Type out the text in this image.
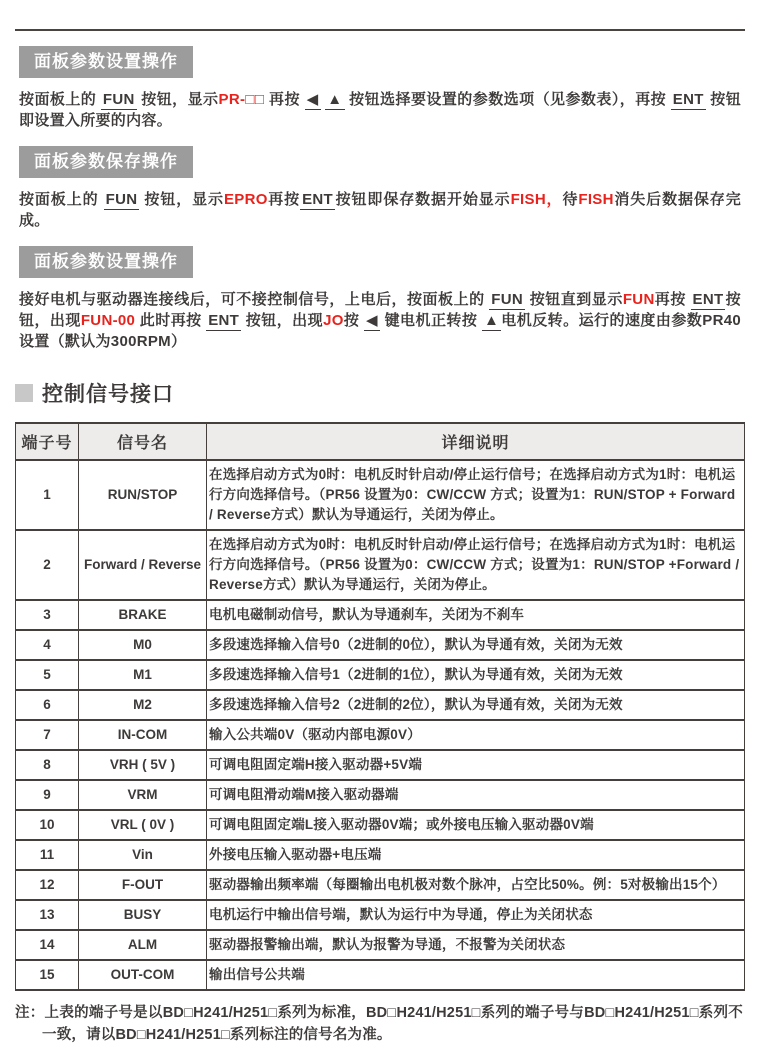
面板参数设置操作

按面板上的 FUN 按钮，显示PR-□□ 再按 ◀ ▲ 按钮选择要设置的参数选项（见参数表），再按 ENT 按钮即设置入所要的内容。

面板参数保存操作

按面板上的 FUN 按钮，显示EPRO再按 ENT 按钮即保存数据开始显示FISH，待FISH消失后数据保存完成。

面板参数设置操作

接好电机与驱动器连接线后，可不接控制信号，上电后，按面板上的 FUN 按钮直到显示FUN再按 ENT 按钮，出现FUN-00 此时再按 ENT 按钮，出现JO按 ◀ 键电机正转按 ▲ 电机反转。运行的速度由参数PR40设置（默认为300RPM）

控制信号接口
端子号	信号名	详细说明
1	RUN/STOP	在选择启动方式为0时：电机反时针启动/停止运行信号；在选择启动方式为1时：电机运行方向选择信号。（PR56 设置为0：CW/CCW 方式；设置为1：RUN/STOP + Forward / Reverse方式）默认为导通运行，关闭为停止。
2	Forward / Reverse	在选择启动方式为0时：电机反时针启动/停止运行信号；在选择启动方式为1时：电机运行方向选择信号。（PR56 设置为0：CW/CCW 方式；设置为1：RUN/STOP +Forward / Reverse方式）默认为导通运行，关闭为停止。
3	BRAKE	电机电磁制动信号，默认为导通刹车，关闭为不刹车
4	M0	多段速选择输入信号0（2进制的0位），默认为导通有效，关闭为无效
5	M1	多段速选择输入信号1（2进制的1位），默认为导通有效，关闭为无效
6	M2	多段速选择输入信号2（2进制的2位），默认为导通有效，关闭为无效
7	IN-COM	输入公共端0V（驱动内部电源0V）
8	VRH ( 5V )	可调电阻固定端H接入驱动器+5V端
9	VRM	可调电阻滑动端M接入驱动器端
10	VRL ( 0V )	可调电阻固定端L接入驱动器0V端；或外接电压输入驱动器0V端
11	Vin	外接电压输入驱动器+电压端
12	F-OUT	驱动器输出频率端（每圈输出电机极对数个脉冲，占空比50%。例：5对极输出15个）
13	BUSY	电机运行中输出信号端，默认为运行中为导通，停止为关闭状态
14	ALM	驱动器报警输出端，默认为报警为导通，不报警为关闭状态
15	OUT-COM	输出信号公共端

注：上表的端子号是以BD□H241/H251□系列为标准，BD□H241/H251□系列的端子号与BD□H241/H251□系列不一致，请以BD□H241/H251□系列标注的信号名为准。
